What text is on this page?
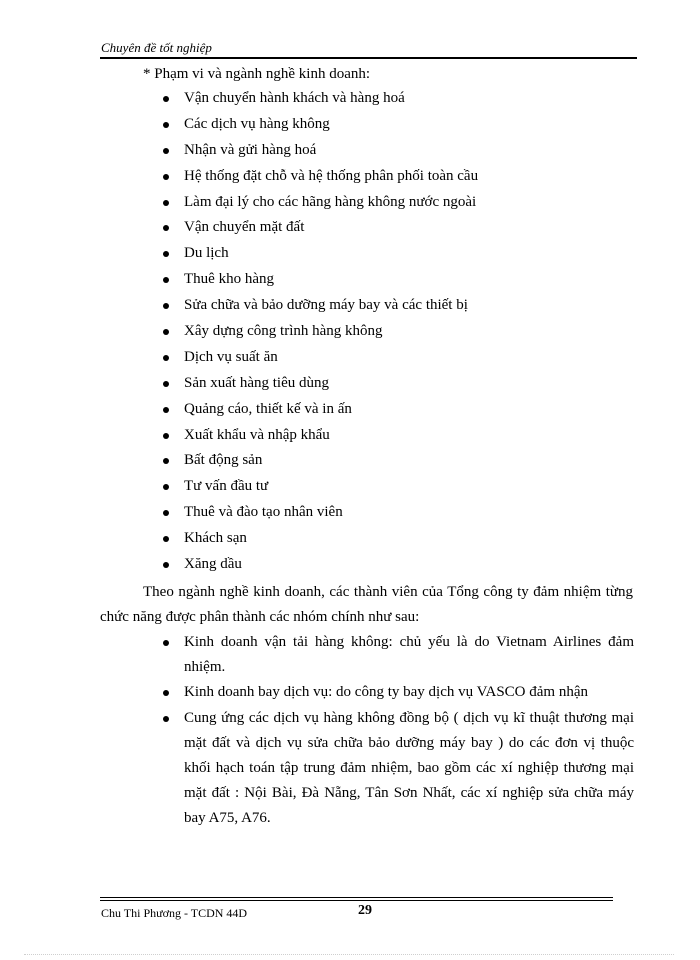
Chuyên đề tốt nghiệp
* Phạm vi và ngành nghề kinh doanh:
Vận chuyển hành khách và hàng hoá
Các dịch vụ hàng không
Nhận và gửi hàng hoá
Hệ thống đặt chỗ và hệ thống phân phối toàn cầu
Làm đại lý cho các hãng hàng không nước ngoài
Vận chuyển mặt đất
Du lịch
Thuê kho hàng
Sửa chữa và bảo dưỡng máy bay và các thiết bị
Xây dựng công trình hàng không
Dịch vụ suất ăn
Sản xuất hàng tiêu dùng
Quảng cáo, thiết kế và in ấn
Xuất khẩu và nhập khẩu
Bất động sản
Tư vấn đầu tư
Thuê và đào tạo nhân viên
Khách sạn
Xăng dầu

Theo ngành nghề kinh doanh, các thành viên của Tổng công ty đảm nhiệm từng chức năng được phân thành các nhóm chính như sau:

Kinh doanh vận tải hàng không: chủ yếu là do Vietnam Airlines đảm nhiệm.
Kinh doanh bay dịch vụ: do công ty bay dịch vụ VASCO đảm nhận
Cung ứng các dịch vụ hàng không đồng bộ ( dịch vụ kĩ thuật thương mại mặt đất và dịch vụ sửa chữa bảo dưỡng máy bay ) do các đơn vị thuộc khối hạch toán tập trung đảm nhiệm, bao gồm các xí nghiệp thương mại mặt đất : Nội Bài, Đà Nẵng, Tân Sơn Nhất, các xí nghiệp sửa chữa máy bay A75, A76.
Chu Thi Phương - TCDN 44D	29
